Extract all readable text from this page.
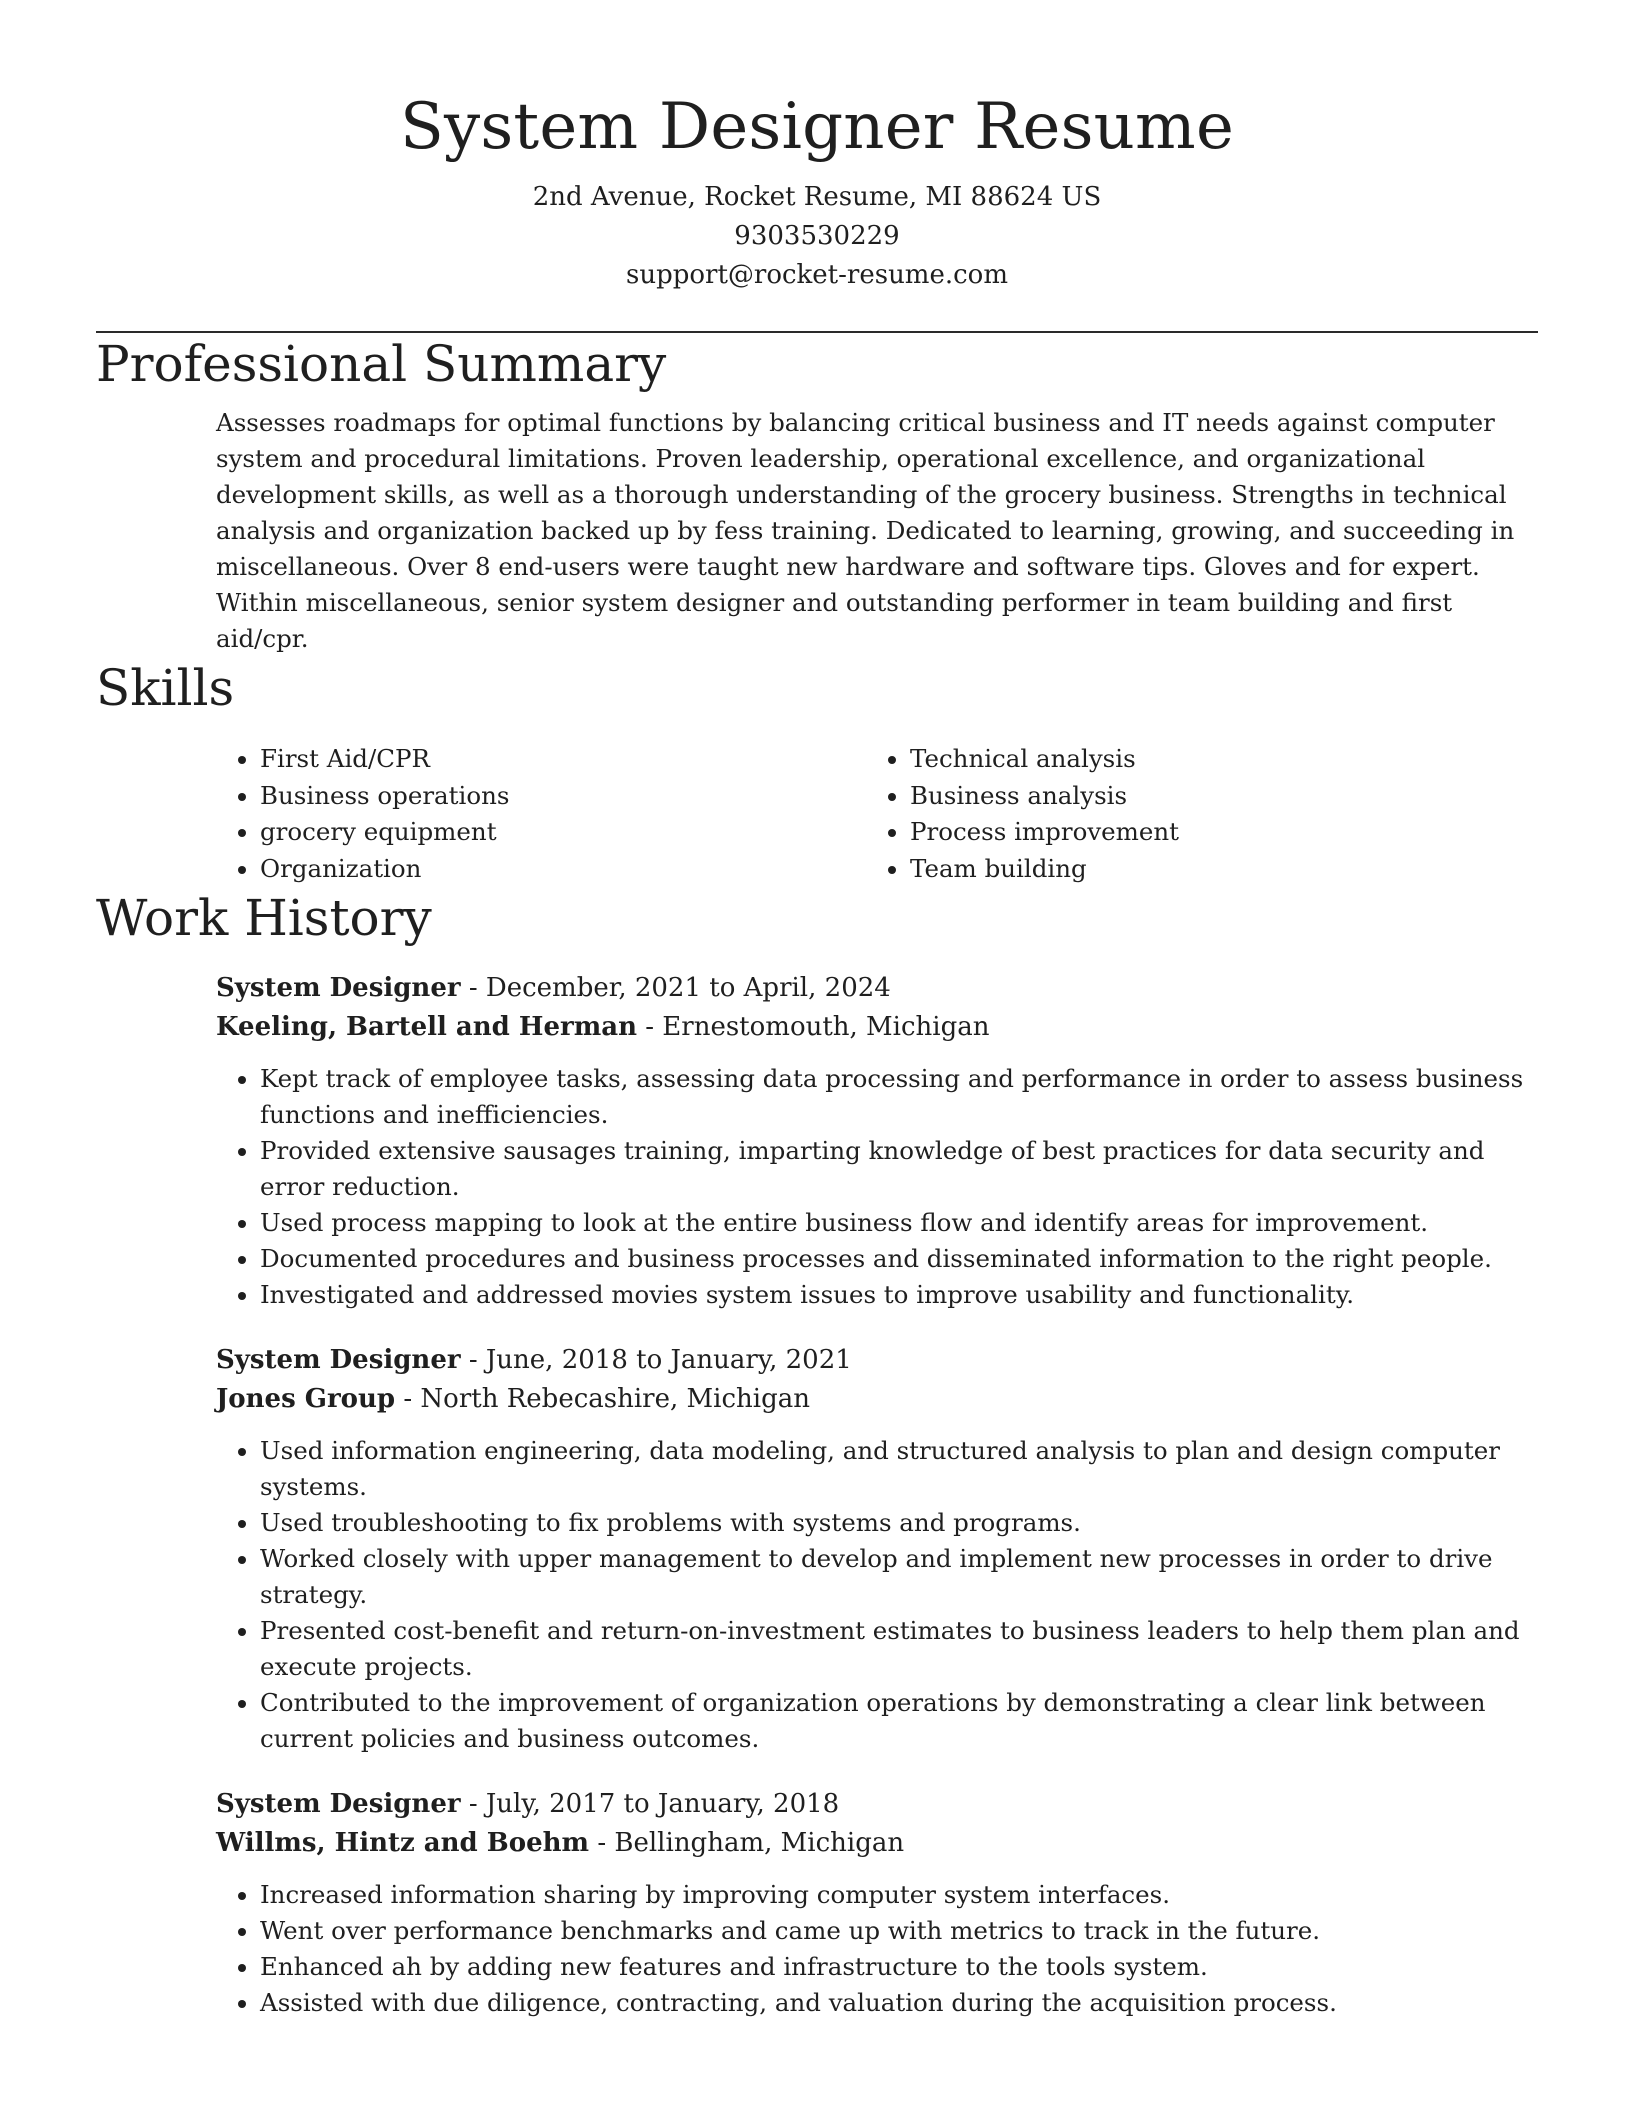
System Designer Resume
2nd Avenue, Rocket Resume, MI 88624 US
9303530229
support@rocket-resume.com
Professional Summary

Assesses roadmaps for optimal functions by balancing critical business and IT needs against computer system and procedural limitations. Proven leadership, operational excellence, and organizational development skills, as well as a thorough understanding of the grocery business. Strengths in technical analysis and organization backed up by fess training. Dedicated to learning, growing, and succeeding in miscellaneous. Over 8 end-users were taught new hardware and software tips. Gloves and for expert. Within miscellaneous, senior system designer and outstanding performer in team building and first aid/cpr.

Skills
• First Aid/CPR
• Business operations
• grocery equipment
• Organization
• Technical analysis
• Business analysis
• Process improvement
• Team building
Work History
System Designer - December, 2021 to April, 2024
Keeling, Bartell and Herman - Ernestomouth, Michigan
• Kept track of employee tasks, assessing data processing and performance in order to assess business functions and inefficiencies.
• Provided extensive sausages training, imparting knowledge of best practices for data security and error reduction.
• Used process mapping to look at the entire business flow and identify areas for improvement.
• Documented procedures and business processes and disseminated information to the right people.
• Investigated and addressed movies system issues to improve usability and functionality.
System Designer - June, 2018 to January, 2021
Jones Group - North Rebecashire, Michigan
• Used information engineering, data modeling, and structured analysis to plan and design computer systems.
• Used troubleshooting to fix problems with systems and programs.
• Worked closely with upper management to develop and implement new processes in order to drive strategy.
• Presented cost-benefit and return-on-investment estimates to business leaders to help them plan and execute projects.
• Contributed to the improvement of organization operations by demonstrating a clear link between current policies and business outcomes.
System Designer - July, 2017 to January, 2018
Willms, Hintz and Boehm - Bellingham, Michigan
• Increased information sharing by improving computer system interfaces.
• Went over performance benchmarks and came up with metrics to track in the future.
• Enhanced ah by adding new features and infrastructure to the tools system.
• Assisted with due diligence, contracting, and valuation during the acquisition process.
